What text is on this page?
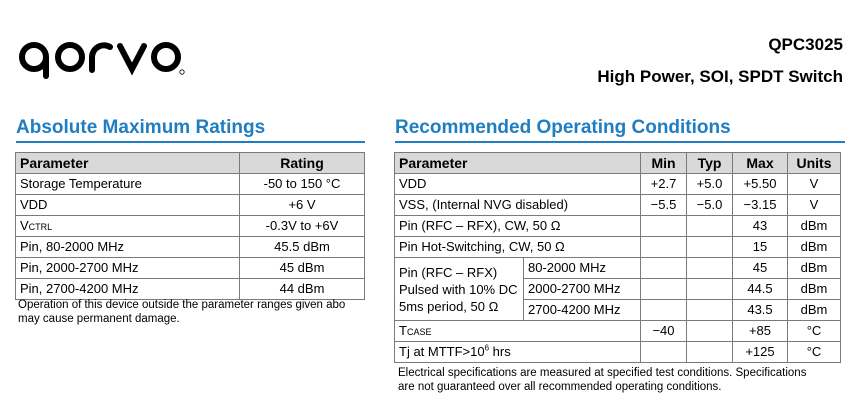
QPC3025
High Power, SOI, SPDT Switch
Absolute Maximum Ratings
Parameter	Rating
Storage Temperature	-50 to 150 °C
VDD	+6 V
VCTRL	-0.3V to +6V
Pin, 80-2000 MHz	45.5 dBm
Pin, 2000-2700 MHz	45 dBm
Pin, 2700-4200 MHz	44 dBm
Operation of this device outside the parameter ranges given abo
may cause permanent damage.
Recommended Operating Conditions
Parameter		Min	Typ	Max	Units
VDD		+2.7	+5.0	+5.50	V
VSS, (Internal NVG disabled)		−5.5	−5.0	−3.15	V
Pin (RFC – RFX), CW, 50 Ω				43	dBm
Pin Hot-Switching, CW, 50 Ω				15	dBm

Pin (RFC – RFX)
Pulsed with 10% DC
5ms period, 50 Ω	80-2000 MHz			45	dBm
	2000-2700 MHz			44.5	dBm
	2700-4200 MHz			43.5	dBm
TCASE		−40		+85	°C
Tj at $MTTF>10^6$ hrs				+125	°C
Electrical specifications are measured at specified test conditions. Specifications
are not guaranteed over all recommended operating conditions.
